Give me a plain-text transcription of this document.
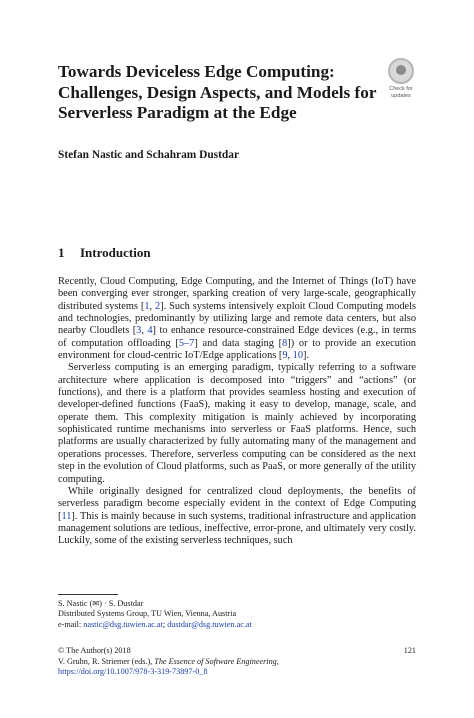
Towards Deviceless Edge Computing: Challenges, Design Aspects, and Models for Serverless Paradigm at the Edge
Check for
updates
Stefan Nastic and Schahram Dustdar
1 Introduction

Recently, Cloud Computing, Edge Computing, and the Internet of Things (IoT) have been converging ever stronger, sparking creation of very large-scale, geographically distributed systems [1, 2]. Such systems intensively exploit Cloud Computing models and technologies, predominantly by utilizing large and remote data centers, but also nearby Cloudlets [3, 4] to enhance resource-constrained Edge devices (e.g., in terms of computation offloading [5–7] and data staging [8]) or to provide an execution environment for cloud-centric IoT/Edge applications [9, 10].

Serverless computing is an emerging paradigm, typically referring to a software architecture where application is decomposed into “triggers” and “actions” (or functions), and there is a platform that provides seamless hosting and execution of developer-defined functions (FaaS), making it easy to develop, manage, scale, and operate them. This complexity mitigation is mainly achieved by incorporating sophisticated runtime mechanisms into serverless or FaaS platforms. Hence, such platforms are usually characterized by fully automating many of the management and operations processes. Therefore, serverless computing can be considered as the next step in the evolution of Cloud platforms, such as PaaS, or more generally of the utility computing.

While originally designed for centralized cloud deployments, the benefits of serverless paradigm become especially evident in the context of Edge Computing [11]. This is mainly because in such systems, traditional infrastructure and application management solutions are tedious, ineffective, error-prone, and ultimately very costly. Luckily, some of the existing serverless techniques, such

S. Nastic (✉) · S. Dustdar
Distributed Systems Group, TU Wien, Vienna, Austria
e-mail: nastic@dsg.tuwien.ac.at; dustdar@dsg.tuwien.ac.at
© The Author(s) 2018	121
V. Gruhn, R. Striemer (eds.), The Essence of Software Engineering,
https://doi.org/10.1007/978-3-319-73897-0_8
